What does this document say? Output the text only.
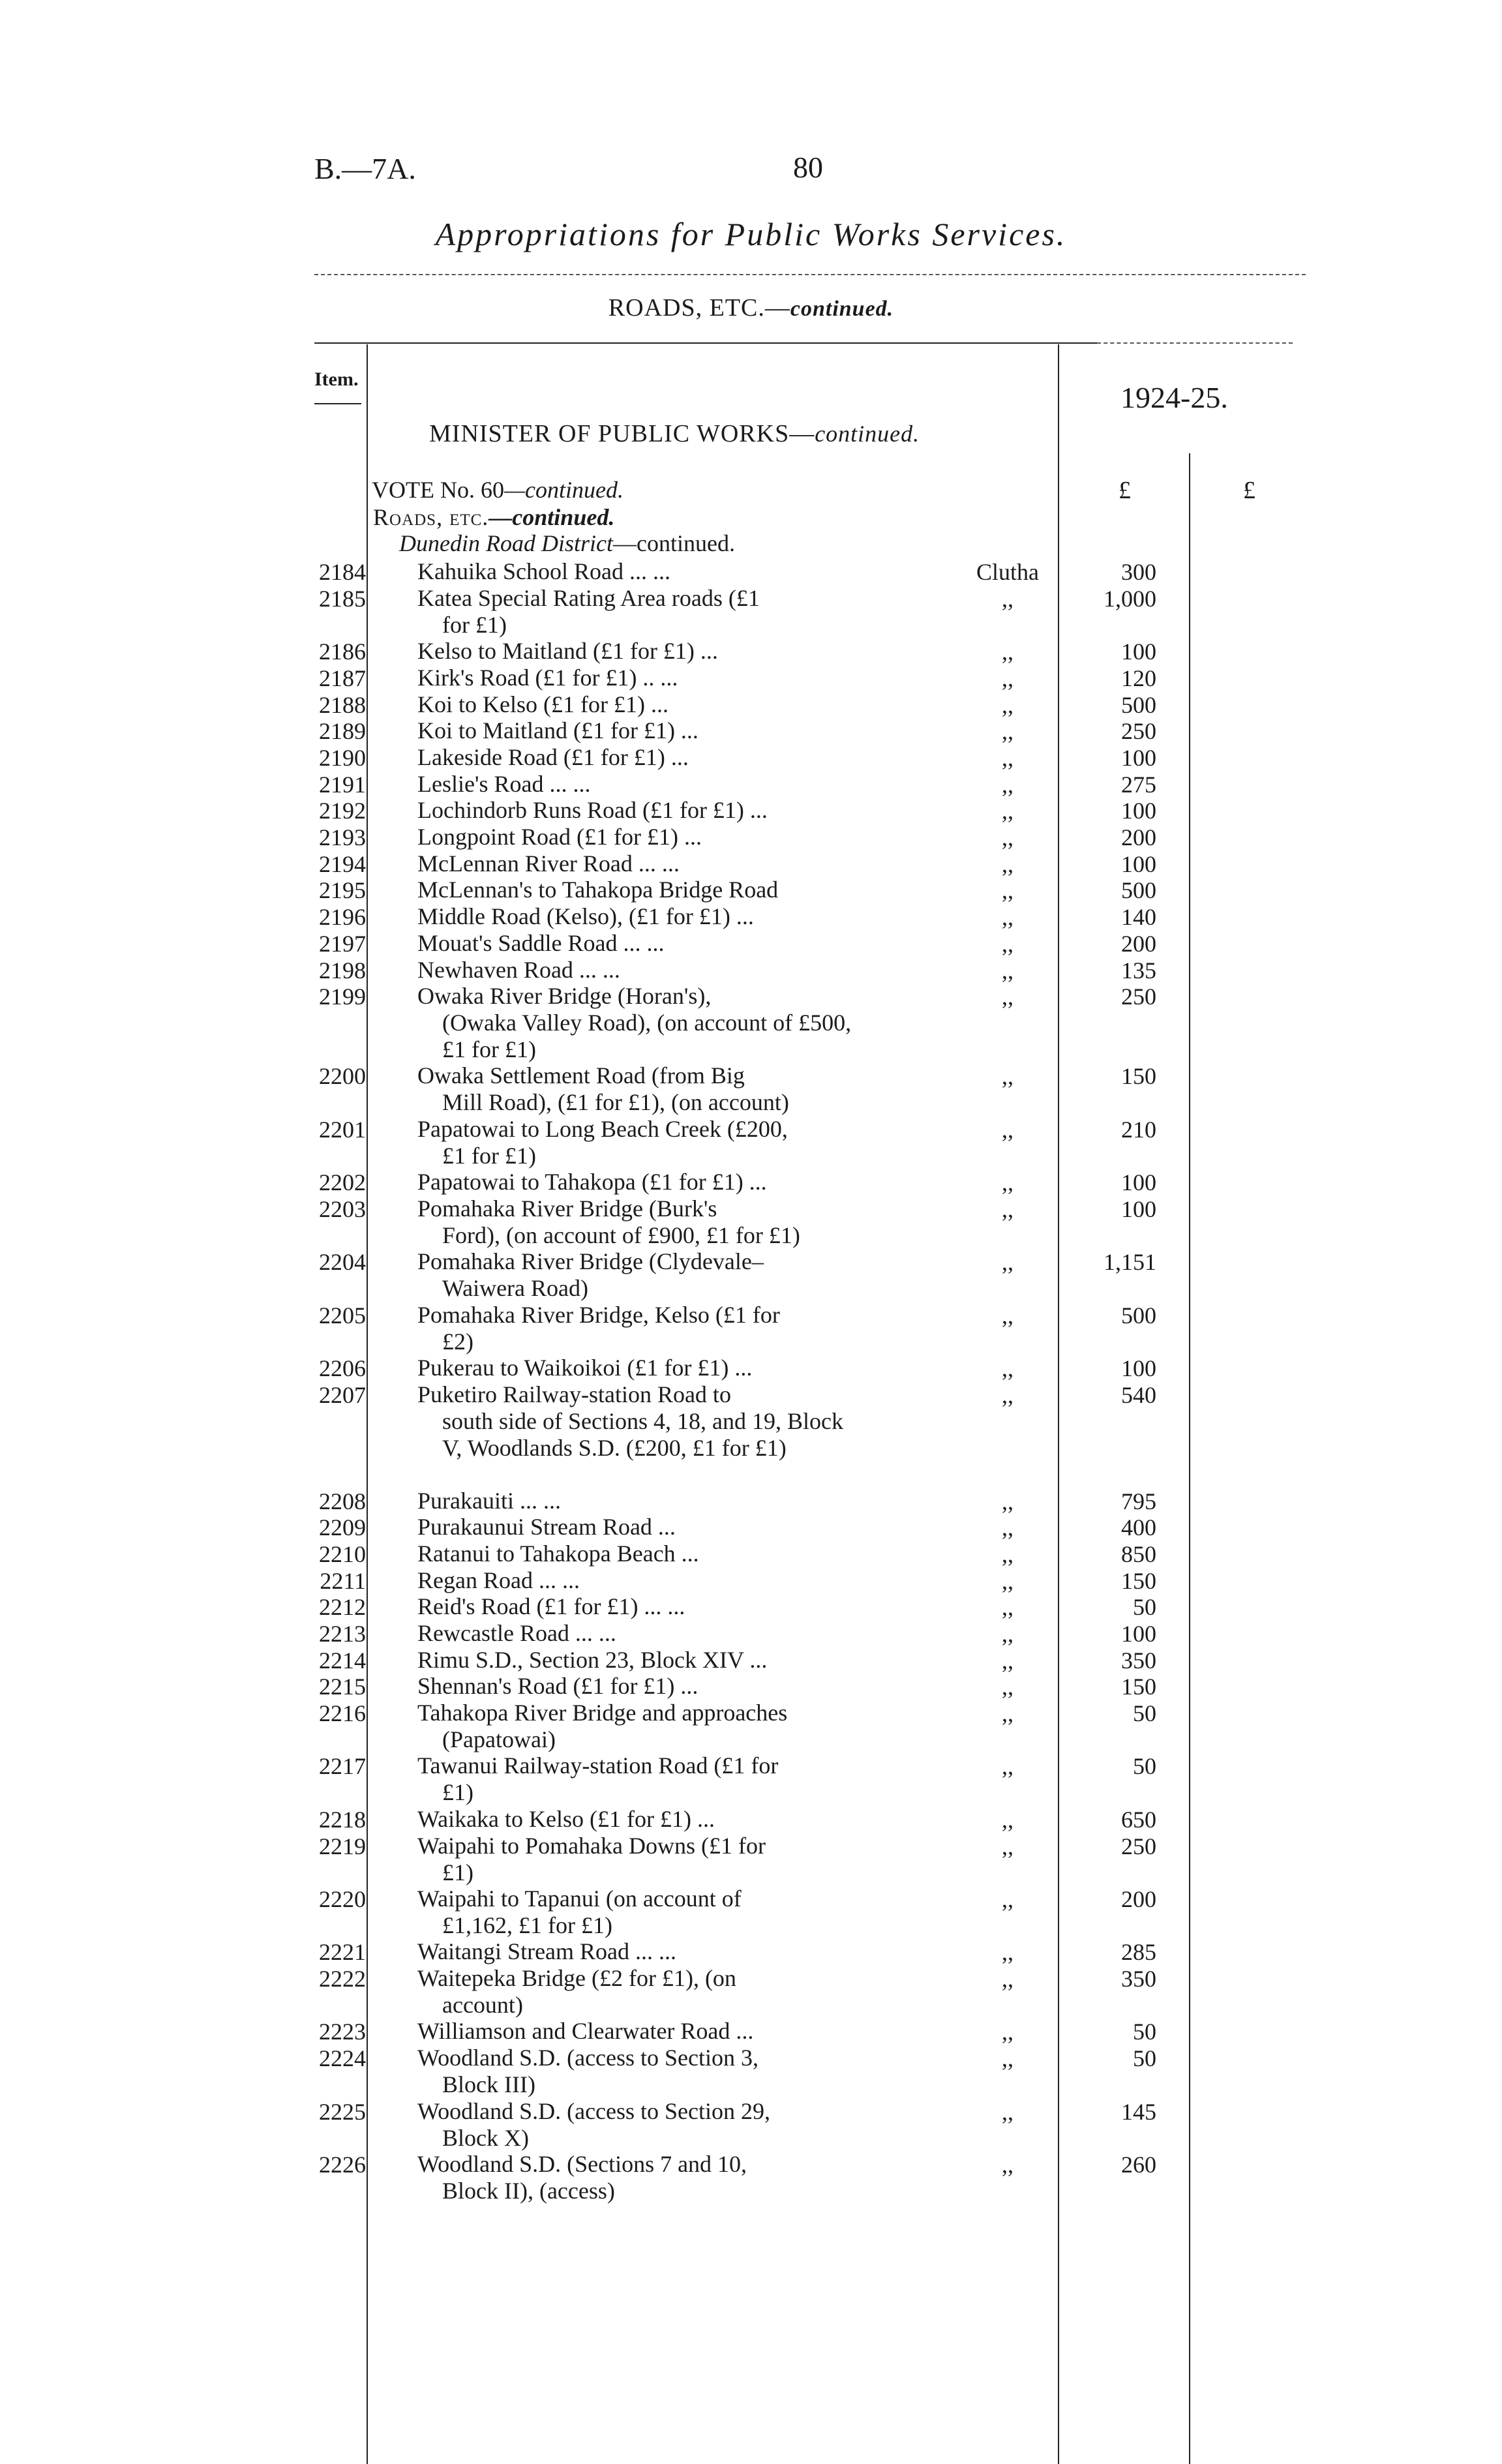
B.—7A.	80
Appropriations for Public Works Services.
ROADS, ETC.—continued.
Item.
1924-25.
MINISTER OF PUBLIC WORKS—continued.
£	£
VOTE No. 60—continued.
Roads, etc.—continued.
Dunedin Road District—continued.
2184 Kahuika School Road ... ...	Clutha	300
2185 Katea Special Rating Area roads (£1
for £1)
,,	1,000
2186 Kelso to Maitland (£1 for £1) ...	,,	100
2187 Kirk's Road (£1 for £1) .. ...	,,	120
2188 Koi to Kelso (£1 for £1) ...	,,	500
2189 Koi to Maitland (£1 for £1) ...	,,	250
2190 Lakeside Road (£1 for £1) ...	,,	100
2191 Leslie's Road ... ...	,,	275
2192 Lochindorb Runs Road (£1 for £1) ...	,,	100
2193 Longpoint Road (£1 for £1) ...	,,	200
2194 McLennan River Road ... ...	,,	100
2195 McLennan's to Tahakopa Bridge Road	,,	500
2196 Middle Road (Kelso), (£1 for £1) ...	,,	140
2197 Mouat's Saddle Road ... ...	,,	200
2198 Newhaven Road ... ...	,,	135
2199 Owaka River Bridge (Horan's),
(Owaka Valley Road), (on account of £500, £1 for £1)
,,	250
2200 Owaka Settlement Road (from Big
Mill Road), (£1 for £1), (on account)
,,	150
2201 Papatowai to Long Beach Creek (£200,
£1 for £1)
,,	210
2202 Papatowai to Tahakopa (£1 for £1) ...	,,	100
2203 Pomahaka River Bridge (Burk's
Ford), (on account of £900, £1 for £1)
,,	100
2204 Pomahaka River Bridge (Clydevale–
Waiwera Road)
,,	1,151
2205 Pomahaka River Bridge, Kelso (£1 for
£2)
,,	500
2206 Pukerau to Waikoikoi (£1 for £1) ...	,,	100
2207 Puketiro Railway-station Road to
south side of Sections 4, 18, and 19, Block V, Woodlands S.D. (£200, £1 for £1)
,,	540
2208 Purakauiti ... ...	,,	795
2209 Purakaunui Stream Road ...	,,	400
2210 Ratanui to Tahakopa Beach ...	,,	850
2211 Regan Road ... ...	,,	150
2212 Reid's Road (£1 for £1) ... ...	,,	50
2213 Rewcastle Road ... ...	,,	100
2214 Rimu S.D., Section 23, Block XIV ...	,,	350
2215 Shennan's Road (£1 for £1) ...	,,	150
2216 Tahakopa River Bridge and approaches
(Papatowai)
,,	50
2217 Tawanui Railway-station Road (£1 for
£1)
,,	50
2218 Waikaka to Kelso (£1 for £1) ...	,,	650
2219 Waipahi to Pomahaka Downs (£1 for
£1)
,,	250
2220 Waipahi to Tapanui (on account of
£1,162, £1 for £1)
,,	200
2221 Waitangi Stream Road ... ...	,,	285
2222 Waitepeka Bridge (£2 for £1), (on
account)
,,	350
2223 Williamson and Clearwater Road ...	,,	50
2224 Woodland S.D. (access to Section 3,
Block III)
,,	50
2225 Woodland S.D. (access to Section 29,
Block X)
,,	145
2226 Woodland S.D. (Sections 7 and 10,
Block II), (access)
,,	260
